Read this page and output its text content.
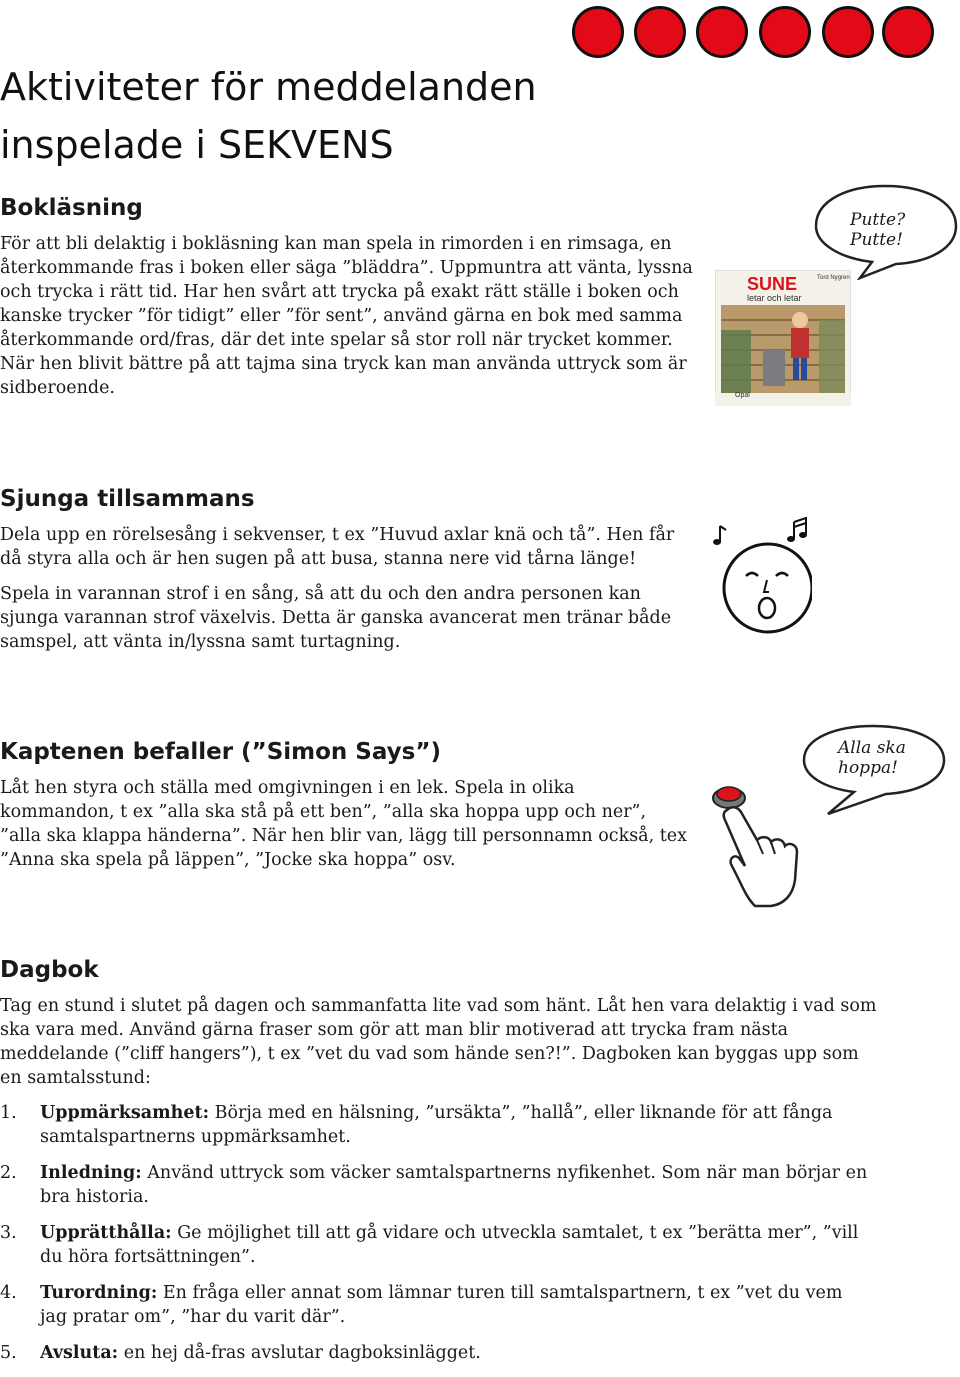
Aktiviteter för meddelanden inspelade i SEKVENS
Bokläsning

För att bli delaktig i bokläsning kan man spela in rimorden i en rimsaga, en återkommande fras i boken eller säga ”bläddra”. Uppmuntra att vänta, lyssna och trycka i rätt tid. Har hen svårt att trycka på exakt rätt ställe i boken och kanske trycker ”för tidigt” eller ”för sent”, använd gärna en bok med samma återkommande ord/fras, där det inte spelar så stor roll när trycket kommer. När hen blivit bättre på att tajma sina tryck kan man använda uttryck som är sidberoende.

SUNE
letar och letar
Tord Nygren
Opal
Putte?
Putte!
Sjunga tillsammans

Dela upp en rörelsesång i sekvenser, t ex ”Huvud axlar knä och tå”. Hen får då styra alla och är hen sugen på att busa, stanna nere vid tårna länge!

Spela in varannan strof i en sång, så att du och den andra personen kan sjunga varannan strof växelvis. Detta är ganska avancerat men tränar både samspel, att vänta in/lyssna samt turtagning.

Kaptenen befaller (”Simon Says”)

Låt hen styra och ställa med omgivningen i en lek. Spela in olika kommandon, t ex ”alla ska stå på ett ben”, ”alla ska hoppa upp och ner”, ”alla ska klappa händerna”. När hen blir van, lägg till personnamn också, tex ”Anna ska spela på läppen”, ”Jocke ska hoppa” osv.

Alla ska
hoppa!
Dagbok

Tag en stund i slutet på dagen och sammanfatta lite vad som hänt. Låt hen vara delaktig i vad som ska vara med. Använd gärna fraser som gör att man blir motiverad att trycka fram nästa meddelande (”cliff hangers”), t ex ”vet du vad som hände sen?!”. Dagboken kan byggas upp som en samtalsstund:

1. Uppmärksamhet: Börja med en hälsning, ”ursäkta”, ”hallå”, eller liknande för att fånga samtalspartnerns uppmärksamhet.
2. Inledning: Använd uttryck som väcker samtalspartnerns nyfikenhet. Som när man börjar en bra historia.
3. Upprätthålla: Ge möjlighet till att gå vidare och utveckla samtalet, t ex ”berätta mer”, ”vill du höra fortsättningen”.
4. Turordning: En fråga eller annat som lämnar turen till samtalspartnern, t ex ”vet du vem jag pratar om”, ”har du varit där”.
5. Avsluta: en hej då-fras avslutar dagboksinlägget.
